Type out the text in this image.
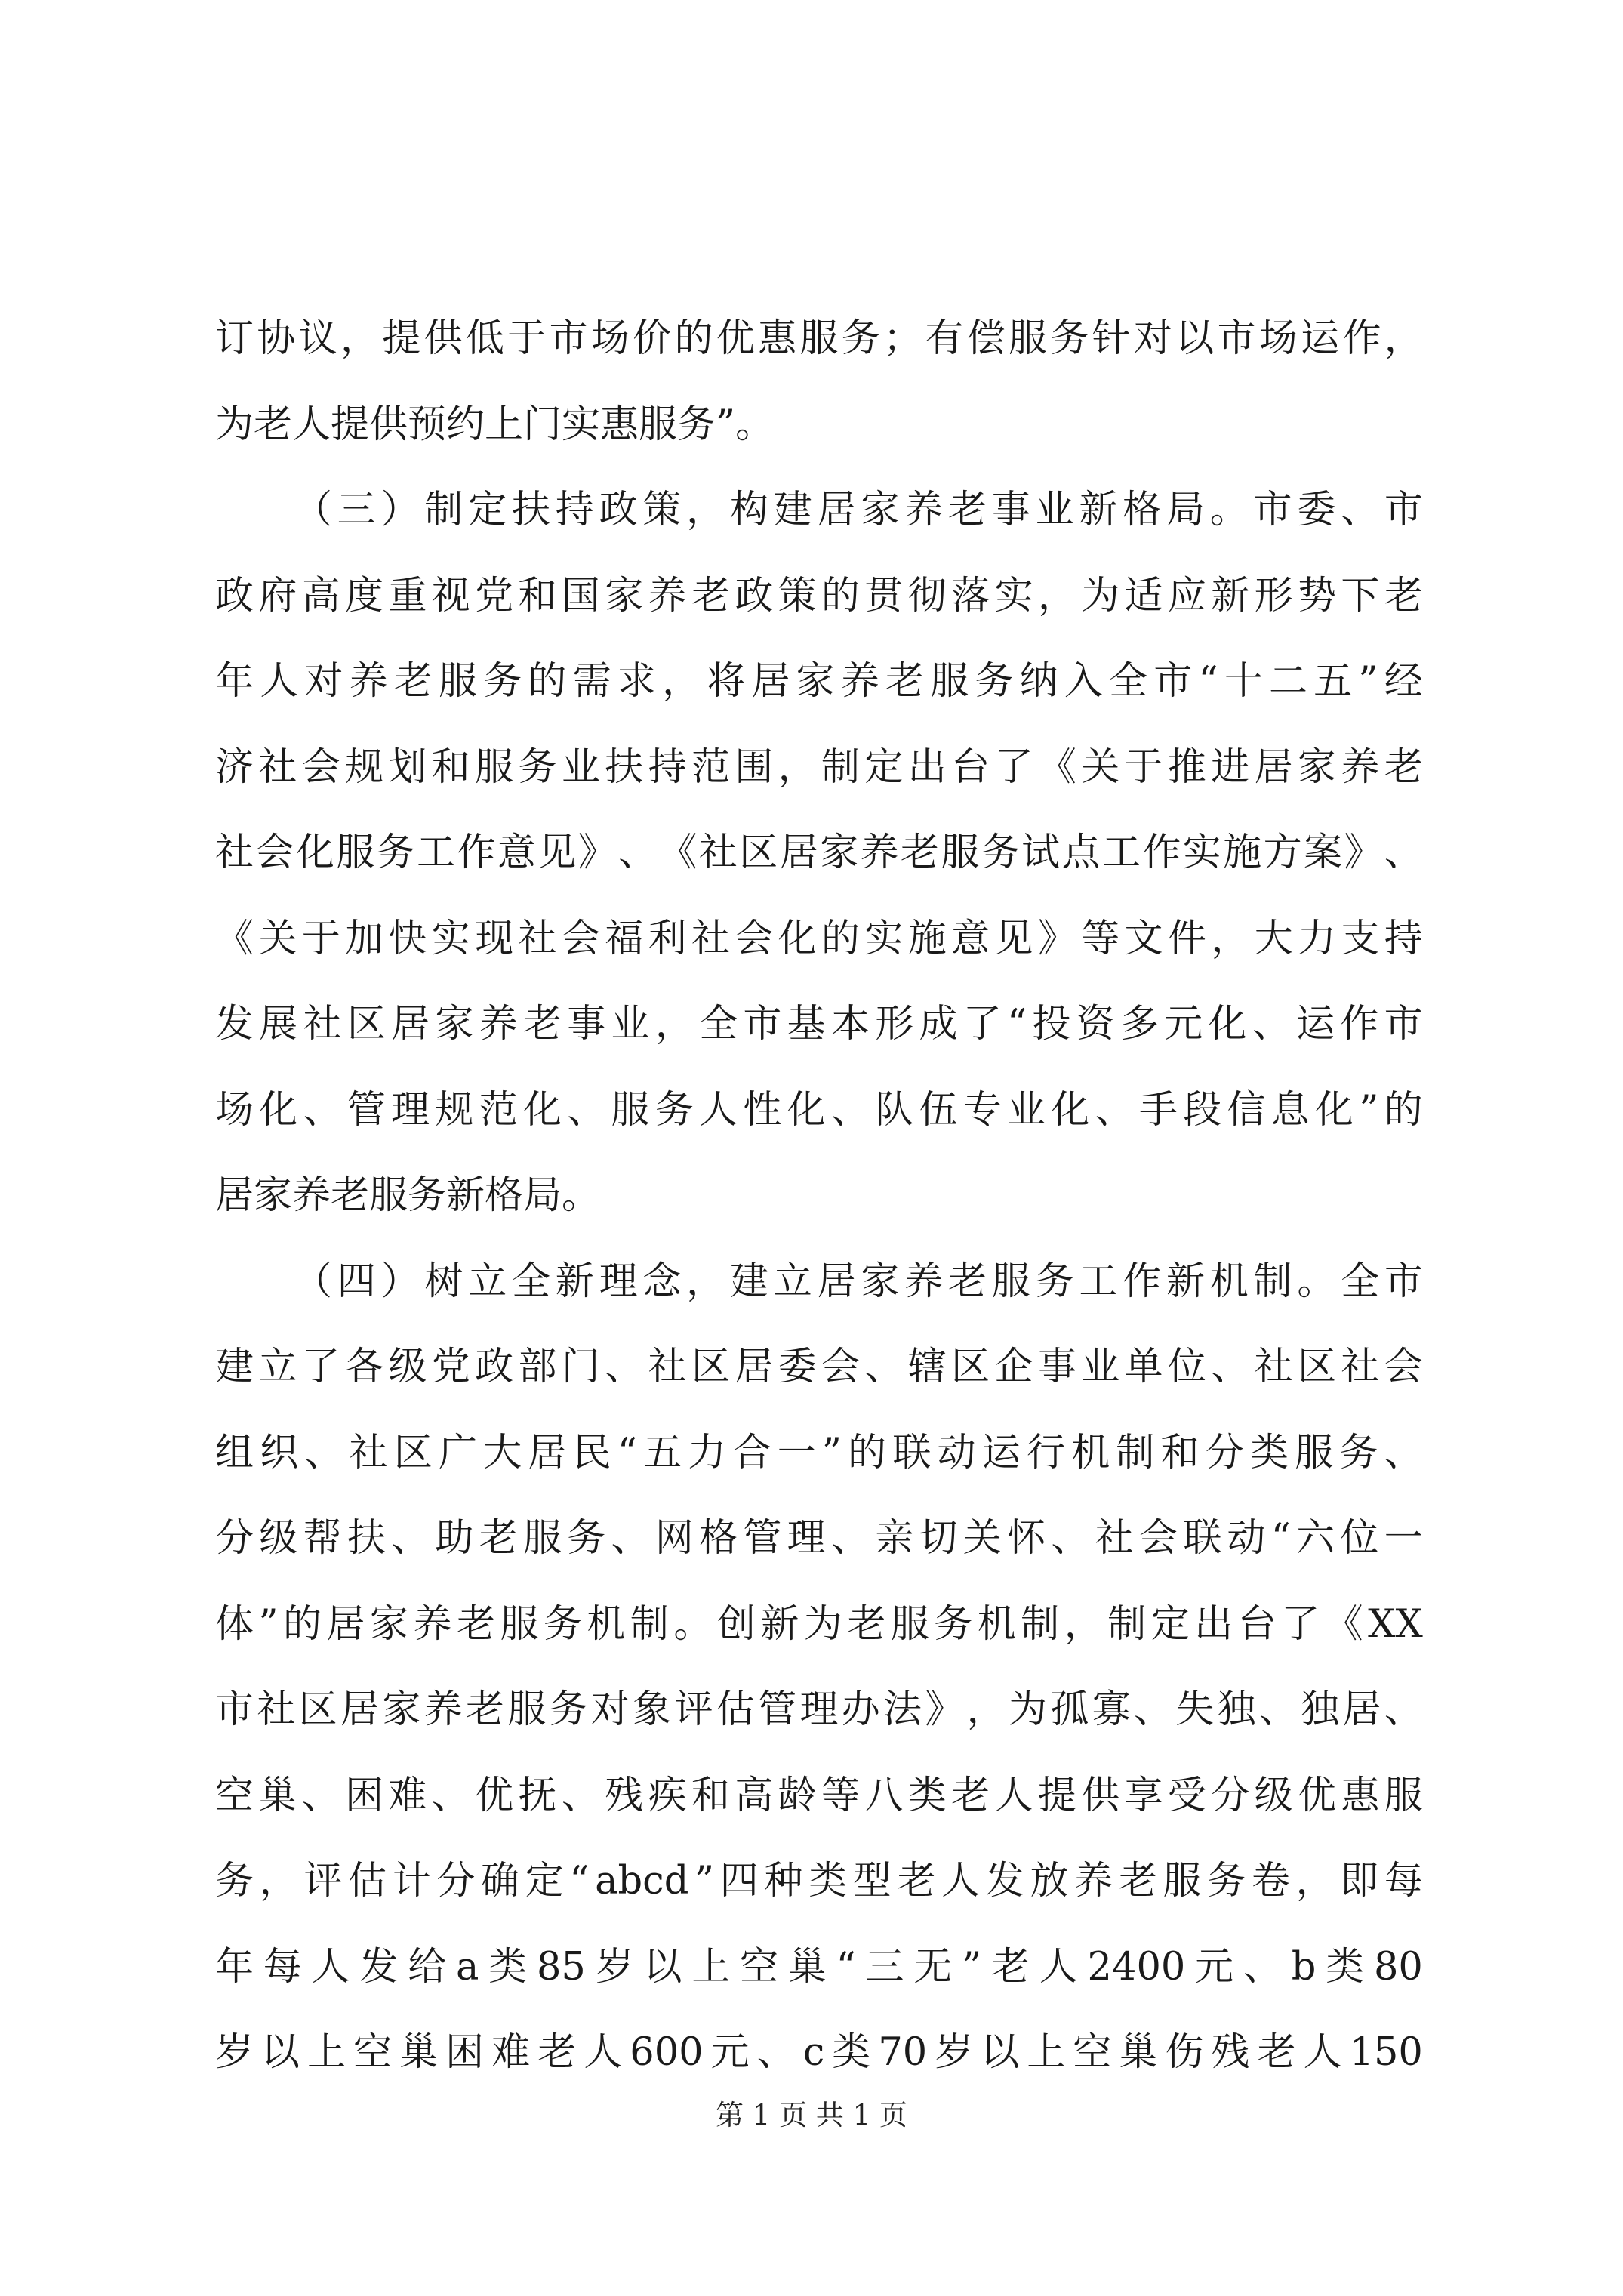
订 协 议 ， 提 供 低 于 市 场 价 的 优 惠 服 务 ； 有 偿 服 务 针 对 以 市 场 运 作 ，
为老人提供预约上门实惠服务”。
（ 三 ） 制 定 扶 持 政 策 ， 构 建 居 家 养 老 事 业 新 格 局 。 市 委 、 市
政 府 高 度 重 视 党 和 国 家 养 老 政 策 的 贯 彻 落 实 ， 为 适 应 新 形 势 下 老
年 人 对 养 老 服 务 的 需 求 ， 将 居 家 养 老 服 务 纳 入 全 市 “ 十 二 五 ” 经
济 社 会 规 划 和 服 务 业 扶 持 范 围 ， 制 定 出 台 了 《 关 于 推 进 居 家 养 老
社 会 化 服 务 工 作 意 见 》 、 《 社 区 居 家 养 老 服 务 试 点 工 作 实 施 方 案 》 、
《 关 于 加 快 实 现 社 会 福 利 社 会 化 的 实 施 意 见 》 等 文 件 ， 大 力 支 持
发 展 社 区 居 家 养 老 事 业 ， 全 市 基 本 形 成 了 “ 投 资 多 元 化 、 运 作 市
场 化 、 管 理 规 范 化 、 服 务 人 性 化 、 队 伍 专 业 化 、 手 段 信 息 化 ” 的
居家养老服务新格局。
（ 四 ） 树 立 全 新 理 念 ， 建 立 居 家 养 老 服 务 工 作 新 机 制 。 全 市
建 立 了 各 级 党 政 部 门 、 社 区 居 委 会 、 辖 区 企 事 业 单 位 、 社 区 社 会
组 织 、 社 区 广 大 居 民 “ 五 力 合 一 ” 的 联 动 运 行 机 制 和 分 类 服 务 、
分 级 帮 扶 、 助 老 服 务 、 网 格 管 理 、 亲 切 关 怀 、 社 会 联 动 “ 六 位 一
体 ” 的 居 家 养 老 服 务 机 制 。 创 新 为 老 服 务 机 制 ， 制 定 出 台 了 《 XX
市 社 区 居 家 养 老 服 务 对 象 评 估 管 理 办 法 》 ， 为 孤 寡 、 失 独 、 独 居 、
空 巢 、 困 难 、 优 抚 、 残 疾 和 高 龄 等 八 类 老 人 提 供 享 受 分 级 优 惠 服
务 ， 评 估 计 分 确 定 “ abcd ” 四 种 类 型 老 人 发 放 养 老 服 务 卷 ， 即 每
年 每 人 发 给 a 类 85 岁 以 上 空 巢 “ 三 无 ” 老 人 2400 元 、 b 类 80
岁 以 上 空 巢 困 难 老 人 600 元 、 c 类 70 岁 以 上 空 巢 伤 残 老 人 150
第 1 页 共 1 页
